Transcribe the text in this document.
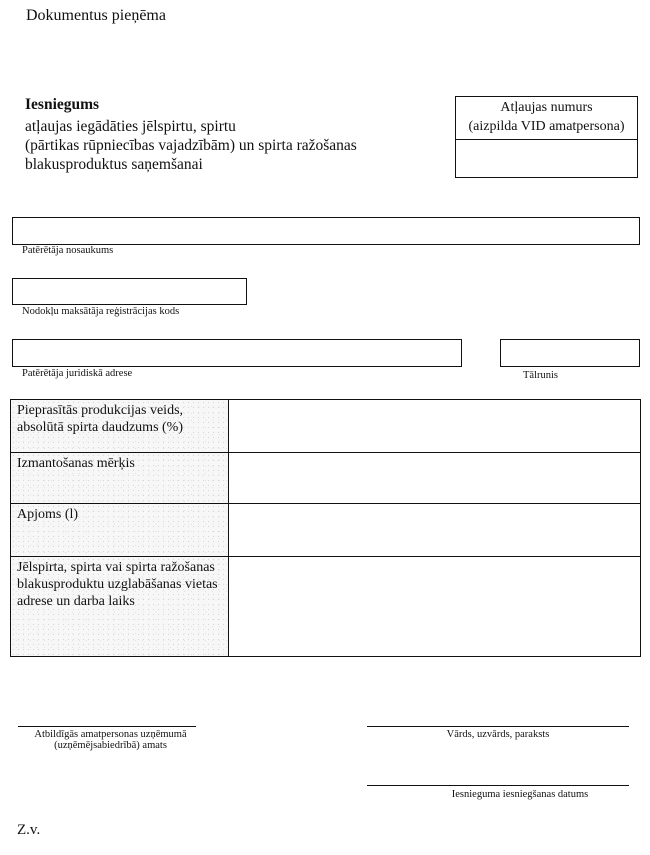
Dokumentus pieņēma
Iesniegums
atļaujas iegādāties jēlspirtu, spirtu
(pārtikas rūpniecības vajadzībām) un spirta ražošanas
blakusproduktus saņemšanai
Atļaujas numurs
(aizpilda VID amatpersona)
Patērētāja nosaukums
Nodokļu maksātāja reģistrācijas kods
Patērētāja juridiskā adrese	Tālrunis
Pieprasītās produkcijas veids, absolūtā spirta daudzums (%)
Izmantošanas mērķis
Apjoms (l)
Jēlspirta, spirta vai spirta ražošanas blakusproduktu uzglabāšanas vietas adrese un darba laiks
Atbildīgās amatpersonas uzņēmumā
(uzņēmējsabiedrībā) amats
Vārds, uzvārds, paraksts
Iesnieguma iesniegšanas datums
Z.v.
